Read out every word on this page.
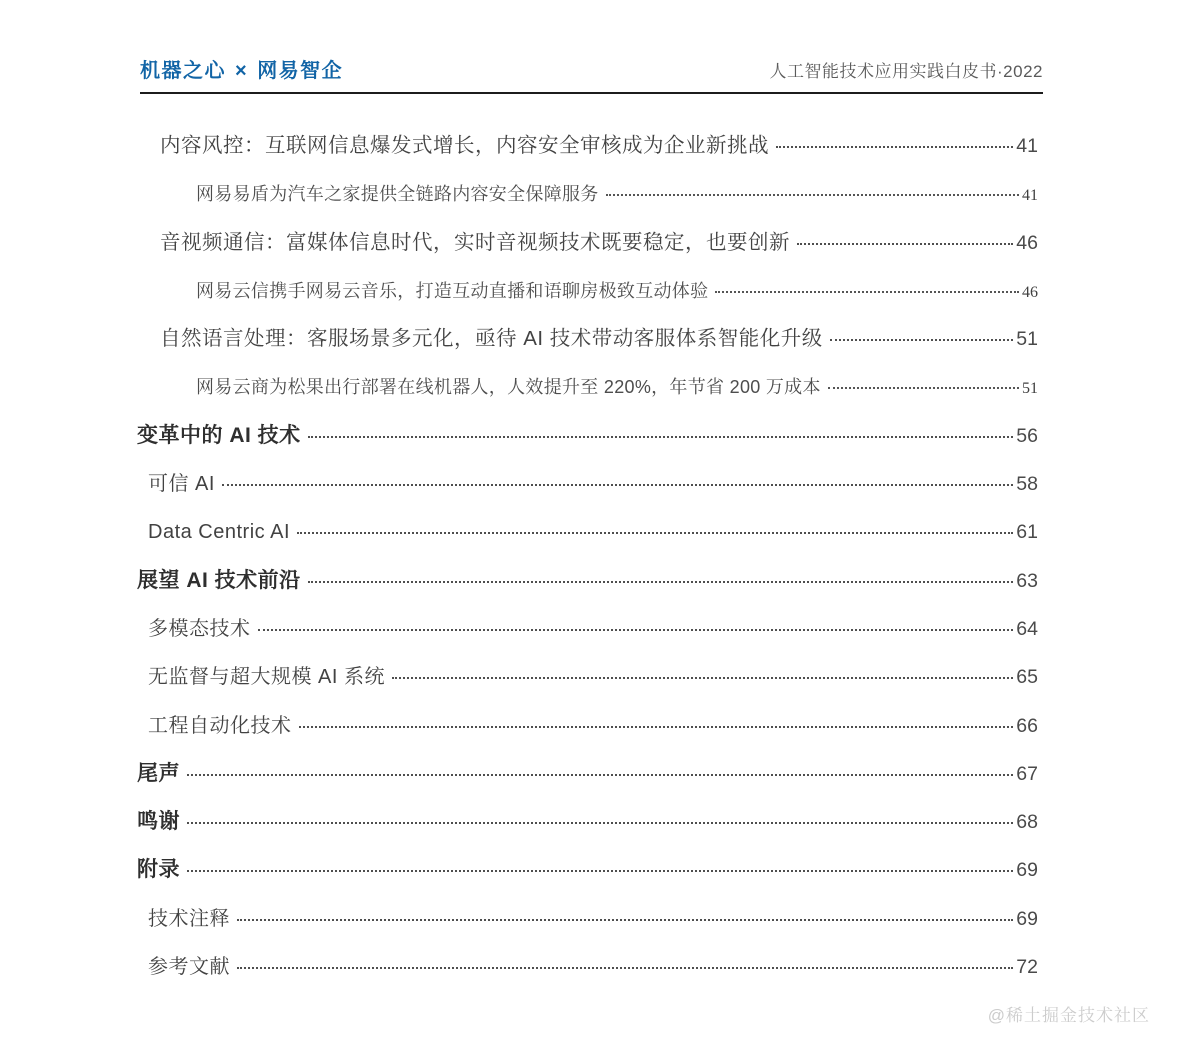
机器之心 × 网易智企	人工智能技术应用实践白皮书·2022
内容风控：互联网信息爆发式增长，内容安全审核成为企业新挑战	41
网易易盾为汽车之家提供全链路内容安全保障服务	41
音视频通信：富媒体信息时代，实时音视频技术既要稳定，也要创新	46
网易云信携手网易云音乐，打造互动直播和语聊房极致互动体验	46
自然语言处理：客服场景多元化，亟待 AI 技术带动客服体系智能化升级	51
网易云商为松果出行部署在线机器人，人效提升至 220%，年节省 200 万成本	51
变革中的 AI 技术	56
可信 AI	58
Data Centric AI	61
展望 AI 技术前沿	63
多模态技术	64
无监督与超大规模 AI 系统	65
工程自动化技术	66
尾声	67
鸣谢	68
附录	69
技术注释	69
参考文献	72
@稀土掘金技术社区
